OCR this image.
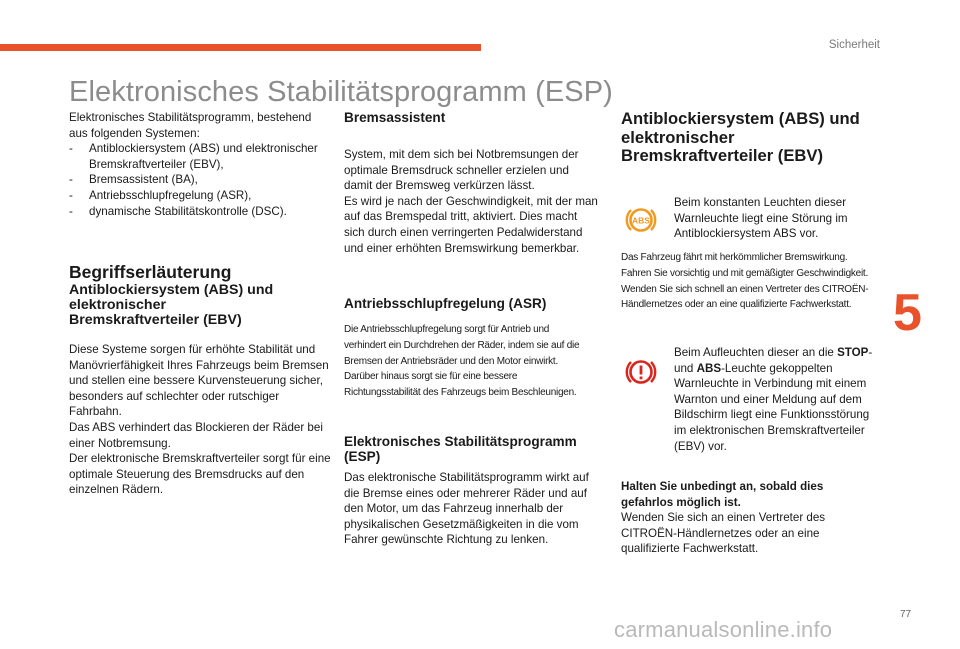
Sicherheit
Elektronisches Stabilitätsprogramm (ESP)

Elektronisches Stabilitätsprogramm, bestehend aus folgenden Systemen:

- Antiblockiersystem (ABS) und elektronischer Bremskraftverteiler (EBV),
- Bremsassistent (BA),
- Antriebsschlupfregelung (ASR),
- dynamische Stabilitätskontrolle (DSC).
Begriffserläuterung
Antiblockiersystem (ABS) und elektronischer Bremskraftverteiler (EBV)

Diese Systeme sorgen für erhöhte Stabilität und Manövrierfähigkeit Ihres Fahrzeugs beim Bremsen und stellen eine bessere Kurvensteuerung sicher, besonders auf schlechter oder rutschiger Fahrbahn.

Das ABS verhindert das Blockieren der Räder bei einer Notbremsung.

Der elektronische Bremskraftverteiler sorgt für eine optimale Steuerung des Bremsdrucks auf den einzelnen Rädern.

Bremsassistent

System, mit dem sich bei Notbremsungen der optimale Bremsdruck schneller erzielen und damit der Bremsweg verkürzen lässt.

Es wird je nach der Geschwindigkeit, mit der man auf das Bremspedal tritt, aktiviert. Dies macht sich durch einen verringerten Pedalwiderstand und einer erhöhten Bremswirkung bemerkbar.

Antriebsschlupfregelung (ASR)

Die Antriebsschlupfregelung sorgt für Antrieb und verhindert ein Durchdrehen der Räder, indem sie auf die Bremsen der Antriebsräder und den Motor einwirkt. Darüber hinaus sorgt sie für eine bessere Richtungsstabilität des Fahrzeugs beim Beschleunigen.

Elektronisches Stabilitätsprogramm (ESP)

Das elektronische Stabilitätsprogramm wirkt auf die Bremse eines oder mehrerer Räder und auf den Motor, um das Fahrzeug innerhalb der physikalischen Gesetzmäßigkeiten in die vom Fahrer gewünschte Richtung zu lenken.

Antiblockiersystem (ABS) und elektronischer Bremskraftverteiler (EBV)
ABS

Beim konstanten Leuchten dieser Warnleuchte liegt eine Störung im Antiblockiersystem ABS vor.

Das Fahrzeug fährt mit herkömmlicher Bremswirkung.

Fahren Sie vorsichtig und mit gemäßigter Geschwindigkeit.

Wenden Sie sich schnell an einen Vertreter des CITROËN-Händlernetzes oder an eine qualifizierte Fachwerkstatt.

Beim Aufleuchten dieser an die STOP- und ABS-Leuchte gekoppelten Warnleuchte in Verbindung mit einem Warnton und einer Meldung auf dem Bildschirm liegt eine Funktionsstörung im elektronischen Bremskraftverteiler (EBV) vor.

Halten Sie unbedingt an, sobald dies gefahrlos möglich ist.

Wenden Sie sich an einen Vertreter des CITROËN-Händlernetzes oder an eine qualifizierte Fachwerkstatt.

5
77
carmanualsonline.info
